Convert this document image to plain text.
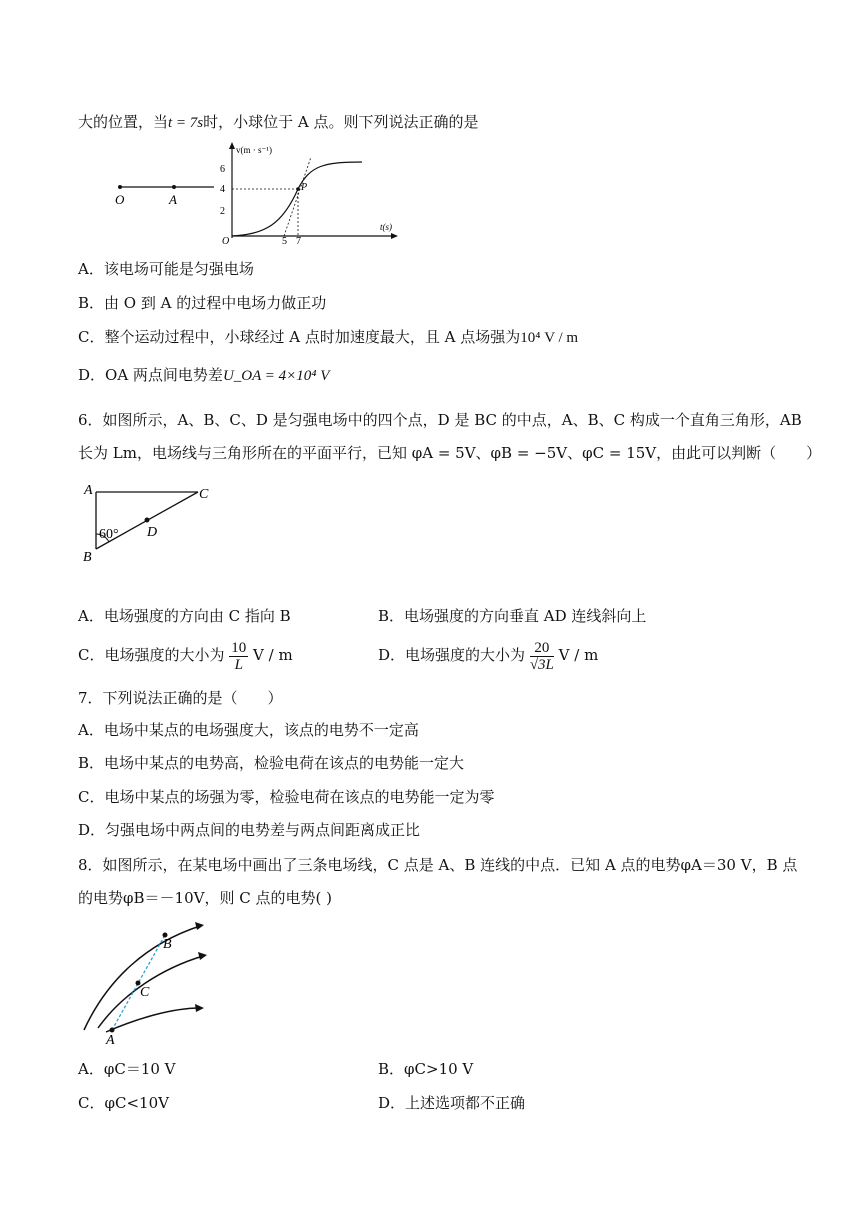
大的位置，当t = 7s时，小球位于 A 点。则下列说法正确的是
O	A
v(m · s⁻¹)
t(s)
6
4
2
O	5 7
P
A．该电场可能是匀强电场
B．由 O 到 A 的过程中电场力做正功
C．整个运动过程中，小球经过 A 点时加速度最大，且 A 点场强为10⁴ V / m
D．OA 两点间电势差U_OA = 4×10⁴ V
6．如图所示，A、B、C、D 是匀强电场中的四个点，D 是 BC 的中点，A、B、C 构成一个直角三角形，AB
长为 Lm，电场线与三角形所在的平面平行，已知 φA = 5V、φB = −5V、φC = 15V，由此可以判断（　　）
A
B
C
D
60°
A．电场强度的方向由 C 指向 B	B．电场强度的方向垂直 AD 连线斜向上
C．电场强度的大小为 $\frac{10}{L}$ V / m	D．电场强度的大小为 $\frac{20}{√3L}$ V / m
7．下列说法正确的是（　　）
A．电场中某点的电场强度大，该点的电势不一定高
B．电场中某点的电势高，检验电荷在该点的电势能一定大
C．电场中某点的场强为零，检验电荷在该点的电势能一定为零
D．匀强电场中两点间的电势差与两点间距离成正比
8．如图所示，在某电场中画出了三条电场线，C 点是 A、B 连线的中点．已知 A 点的电势φA＝30 V，B 点
的电势φB＝－10V，则 C 点的电势( )
A
C
B
A．φC＝10 V	B．φC>10 V
C．φC<10V	D．上述选项都不正确
